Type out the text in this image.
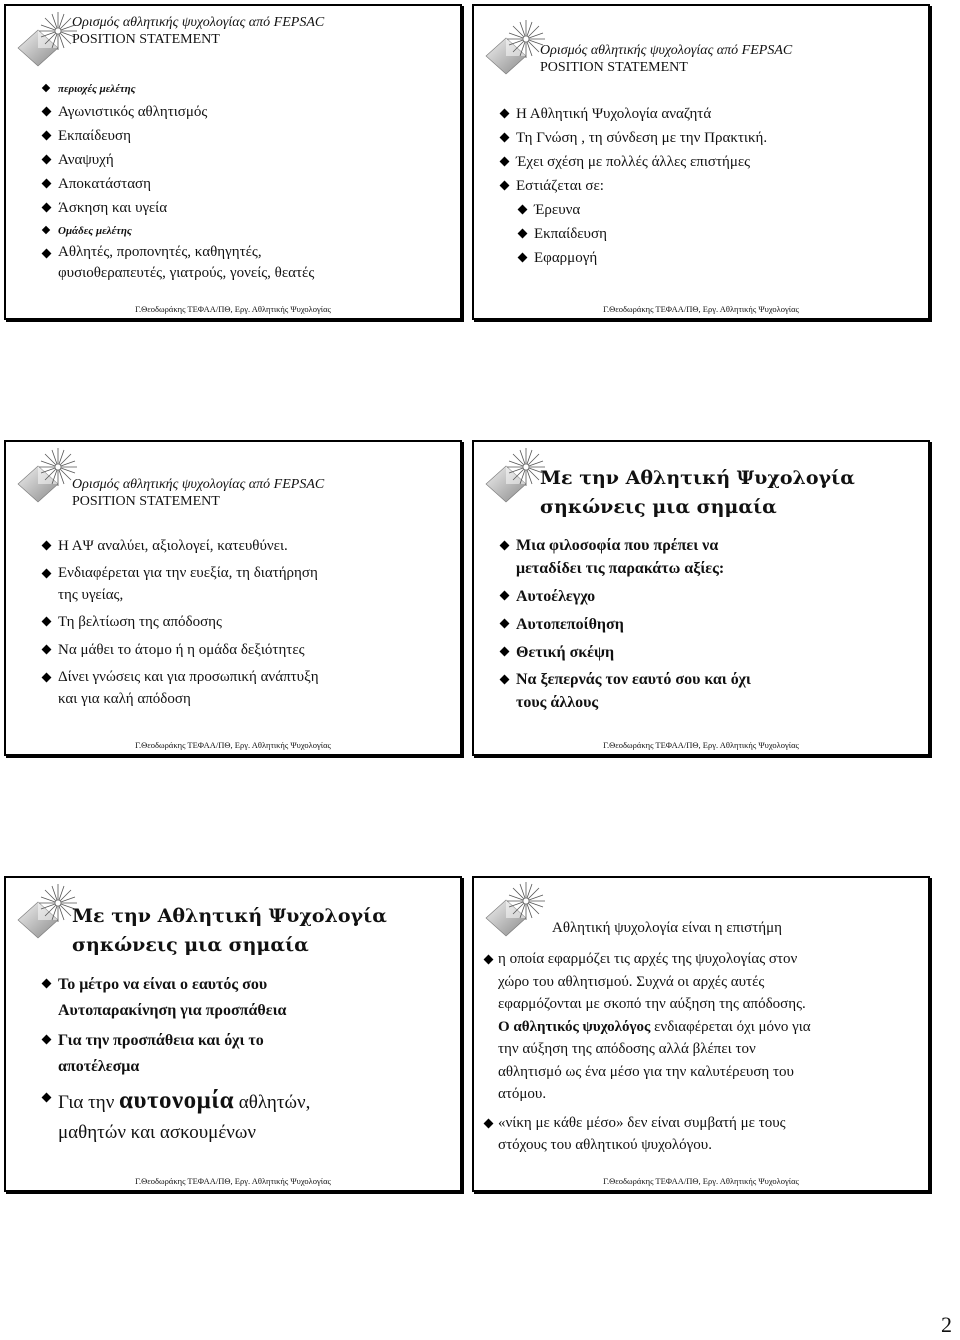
Ορισμός αθλητικής ψυχολογίας από FEPSAC
POSITION STATEMENT
περιοχές μελέτης
Αγωνιστικός αθλητισμός
Εκπαίδευση
Αναψυχή
Αποκατάσταση
Άσκηση και υγεία
Ομάδες μελέτης
Αθλητές, προπονητές, καθηγητές,
φυσιοθεραπευτές, γιατρούς, γονείς, θεατές
Γ.Θεοδωράκης ΤΕΦΑΑ/ΠΘ, Εργ. Αθλητικής Ψυχολογίας
Ορισμός αθλητικής ψυχολογίας από FEPSAC
POSITION STATEMENT
Η Αθλητική Ψυχολογία αναζητά
Τη Γνώση , τη σύνδεση με την Πρακτική.
Έχει σχέση με πολλές άλλες επιστήμες
Εστιάζεται σε:
Έρευνα
Εκπαίδευση
Εφαρμογή
Γ.Θεοδωράκης ΤΕΦΑΑ/ΠΘ, Εργ. Αθλητικής Ψυχολογίας
Ορισμός αθλητικής ψυχολογίας από FEPSAC
POSITION STATEMENT
Η ΑΨ αναλύει, αξιολογεί, κατευθύνει.
Ενδιαφέρεται για την ευεξία, τη διατήρηση
της υγείας,
Τη βελτίωση της απόδοσης
Να μάθει το άτομο ή η ομάδα δεξιότητες
Δίνει γνώσεις και για προσωπική ανάπτυξη
και για καλή απόδοση
Γ.Θεοδωράκης ΤΕΦΑΑ/ΠΘ, Εργ. Αθλητικής Ψυχολογίας
Με την Αθλητική Ψυχολογία
σηκώνεις μια σημαία
Μια φιλοσοφία που πρέπει να
μεταδίδει τις παρακάτω αξίες:
Αυτοέλεγχο
Αυτοπεποίθηση
Θετική σκέψη
Να ξεπερνάς τον εαυτό σου και όχι
τους άλλους
Γ.Θεοδωράκης ΤΕΦΑΑ/ΠΘ, Εργ. Αθλητικής Ψυχολογίας
Με την Αθλητική Ψυχολογία
σηκώνεις μια σημαία
Το μέτρο να είναι ο εαυτός σου
Αυτοπαρακίνηση για προσπάθεια
Για την προσπάθεια και όχι το
αποτέλεσμα
Για την αυτονομία αθλητών,
μαθητών και ασκουμένων
Γ.Θεοδωράκης ΤΕΦΑΑ/ΠΘ, Εργ. Αθλητικής Ψυχολογίας
Αθλητική ψυχολογία είναι η επιστήμη
η οποία εφαρμόζει τις αρχές της ψυχολογίας στον
χώρο του αθλητισμού. Συχνά οι αρχές αυτές
εφαρμόζονται με σκοπό την αύξηση της απόδοσης.
Ο αθλητικός ψυχολόγος ενδιαφέρεται όχι μόνο για
την αύξηση της απόδοσης αλλά βλέπει τον
αθλητισμό ως ένα μέσο για την καλυτέρευση του
ατόμου.
«νίκη με κάθε μέσο» δεν είναι συμβατή με τους
στόχους του αθλητικού ψυχολόγου.
Γ.Θεοδωράκης ΤΕΦΑΑ/ΠΘ, Εργ. Αθλητικής Ψυχολογίας
2
